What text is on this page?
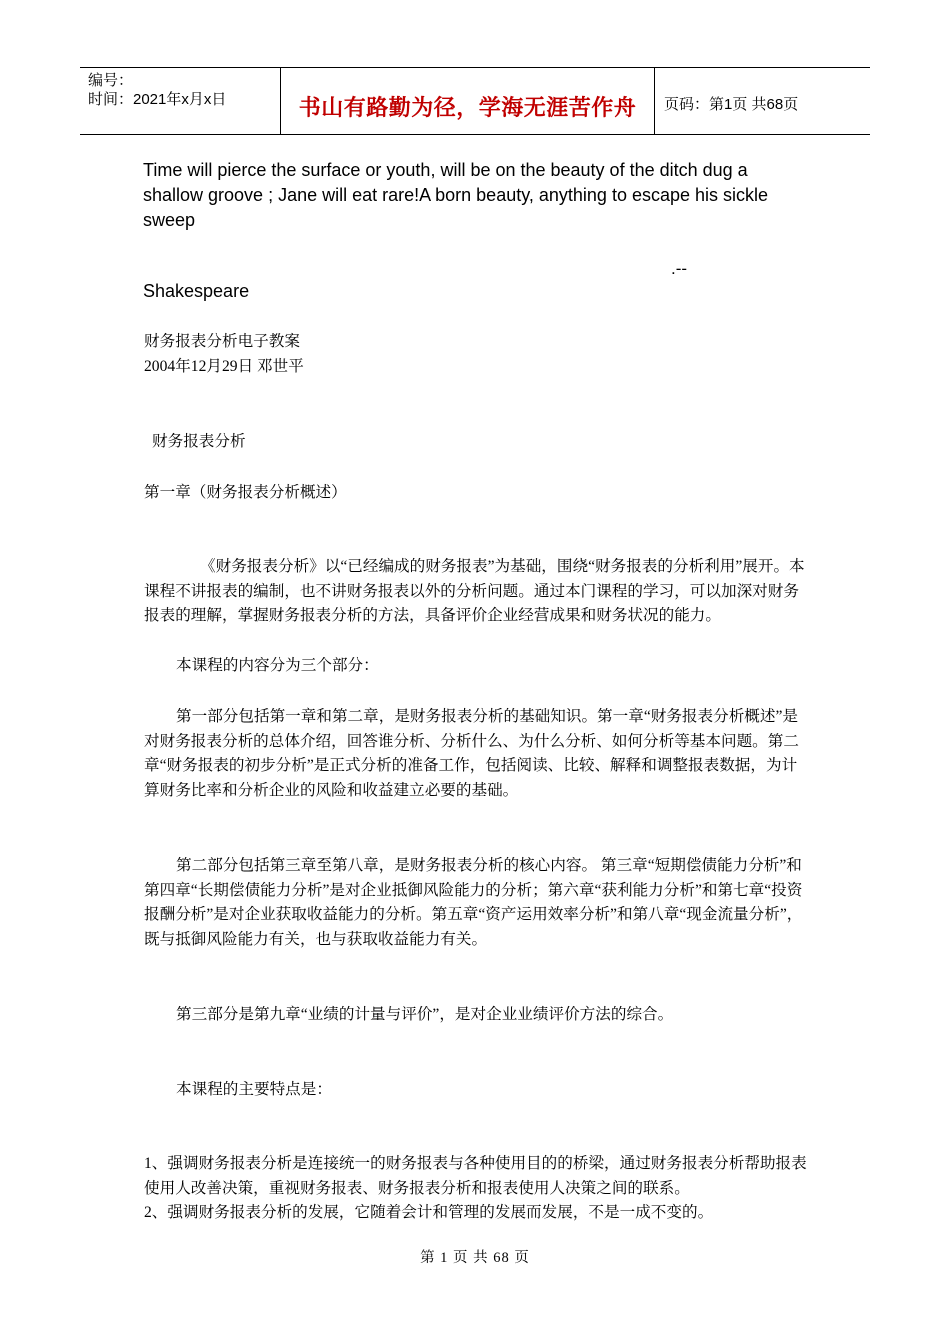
编号：
时间：2021年x月x日	书山有路勤为径，学海无涯苦作舟	页码：第1页 共68页
Time will pierce the surface or youth, will be on the beauty of the ditch dug a shallow groove ; Jane will eat rare!A born beauty, anything to escape his sickle sweep
.--
Shakespeare
财务报表分析电子教案
2004年12月29日 邓世平
财务报表分析
第一章（财务报表分析概述）
《财务报表分析》以“已经编成的财务报表”为基础，围绕“财务报表的分析利用”展开。本课程不讲报表的编制，也不讲财务报表以外的分析问题。通过本门课程的学习，可以加深对财务报表的理解，掌握财务报表分析的方法，具备评价企业经营成果和财务状况的能力。
本课程的内容分为三个部分：
第一部分包括第一章和第二章，是财务报表分析的基础知识。第一章“财务报表分析概述”是对财务报表分析的总体介绍，回答谁分析、分析什么、为什么分析、如何分析等基本问题。第二章“财务报表的初步分析”是正式分析的准备工作，包括阅读、比较、解释和调整报表数据，为计算财务比率和分析企业的风险和收益建立必要的基础。
第二部分包括第三章至第八章，是财务报表分析的核心内容。 第三章“短期偿债能力分析”和第四章“长期偿债能力分析”是对企业抵御风险能力的分析；第六章“获利能力分析”和第七章“投资报酬分析”是对企业获取收益能力的分析。第五章“资产运用效率分析”和第八章“现金流量分析”，既与抵御风险能力有关，也与获取收益能力有关。
第三部分是第九章“业绩的计量与评价”，是对企业业绩评价方法的综合。
本课程的主要特点是：
1、强调财务报表分析是连接统一的财务报表与各种使用目的的桥梁，通过财务报表分析帮助报表使用人改善决策，重视财务报表、财务报表分析和报表使用人决策之间的联系。
2、强调财务报表分析的发展，它随着会计和管理的发展而发展，不是一成不变的。
第 1 页 共 68 页
